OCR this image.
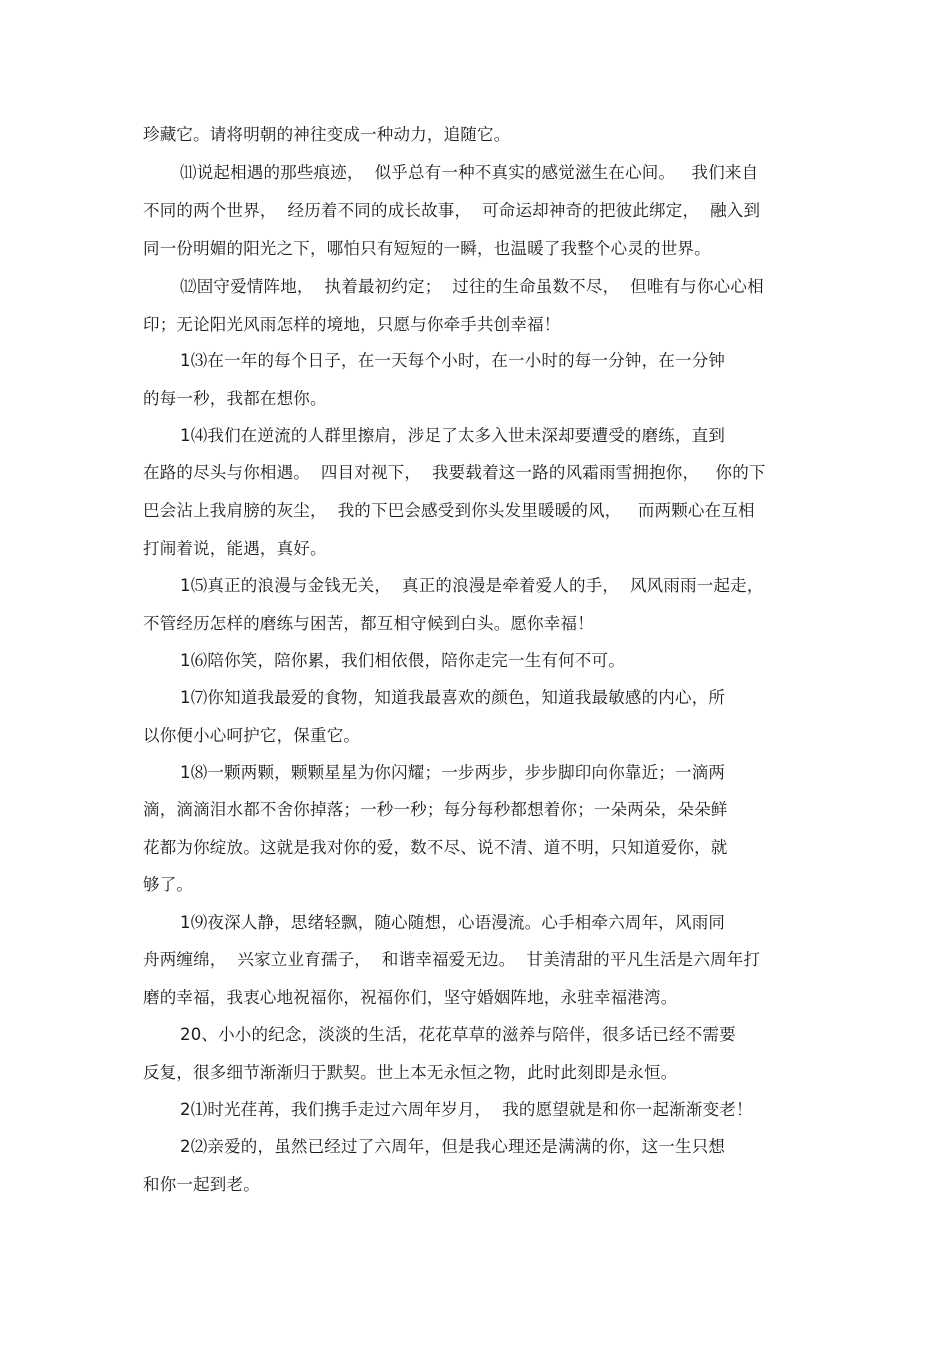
珍藏它。请将明朝的神往变成一种动力，追随它。
⑾说起相遇的那些痕迹，  似乎总有一种不真实的感觉滋生在心间。   我们来自
不同的两个世界，  经历着不同的成长故事，  可命运却神奇的把彼此绑定，  融入到
同一份明媚的阳光之下，哪怕只有短短的一瞬，也温暖了我整个心灵的世界。
⑿固守爱情阵地，  执着最初约定；  过往的生命虽数不尽，  但唯有与你心心相
印；无论阳光风雨怎样的境地，只愿与你牵手共创幸福！
1⑶在一年的每个日子，在一天每个小时，在一小时的每一分钟，在一分钟
的每一秒，我都在想你。
1⑷我们在逆流的人群里擦肩，涉足了太多入世未深却要遭受的磨练，直到
在路的尽头与你相遇。  四目对视下，  我要载着这一路的风霜雨雪拥抱你，   你的下
巴会沾上我肩膀的灰尘，  我的下巴会感受到你头发里暖暖的风，   而两颗心在互相
打闹着说，能遇，真好。
1⑸真正的浪漫与金钱无关，  真正的浪漫是牵着爱人的手，  风风雨雨一起走，
不管经历怎样的磨练与困苦，都互相守候到白头。愿你幸福！
1⑹陪你笑，陪你累，我们相依偎，陪你走完一生有何不可。
1⑺你知道我最爱的食物，知道我最喜欢的颜色，知道我最敏感的内心，所
以你便小心呵护它，保重它。
1⑻一颗两颗，颗颗星星为你闪耀；一步两步，步步脚印向你靠近；一滴两
滴，滴滴泪水都不舍你掉落；一秒一秒；每分每秒都想着你；一朵两朵，朵朵鲜
花都为你绽放。这就是我对你的爱，数不尽、说不清、道不明，只知道爱你，就
够了。
1⑼夜深人静，思绪轻飘，随心随想，心语漫流。心手相牵六周年，风雨同
舟两缠绵，  兴家立业育孺子，  和谐幸福爱无边。  甘美清甜的平凡生活是六周年打
磨的幸福，我衷心地祝福你，祝福你们，坚守婚姻阵地，永驻幸福港湾。
20、小小的纪念，淡淡的生活，花花草草的滋养与陪伴，很多话已经不需要
反复，很多细节渐渐归于默契。世上本无永恒之物，此时此刻即是永恒。
2⑴时光荏苒，我们携手走过六周年岁月，  我的愿望就是和你一起渐渐变老！
2⑵亲爱的，虽然已经过了六周年，但是我心理还是满满的你，这一生只想
和你一起到老。
